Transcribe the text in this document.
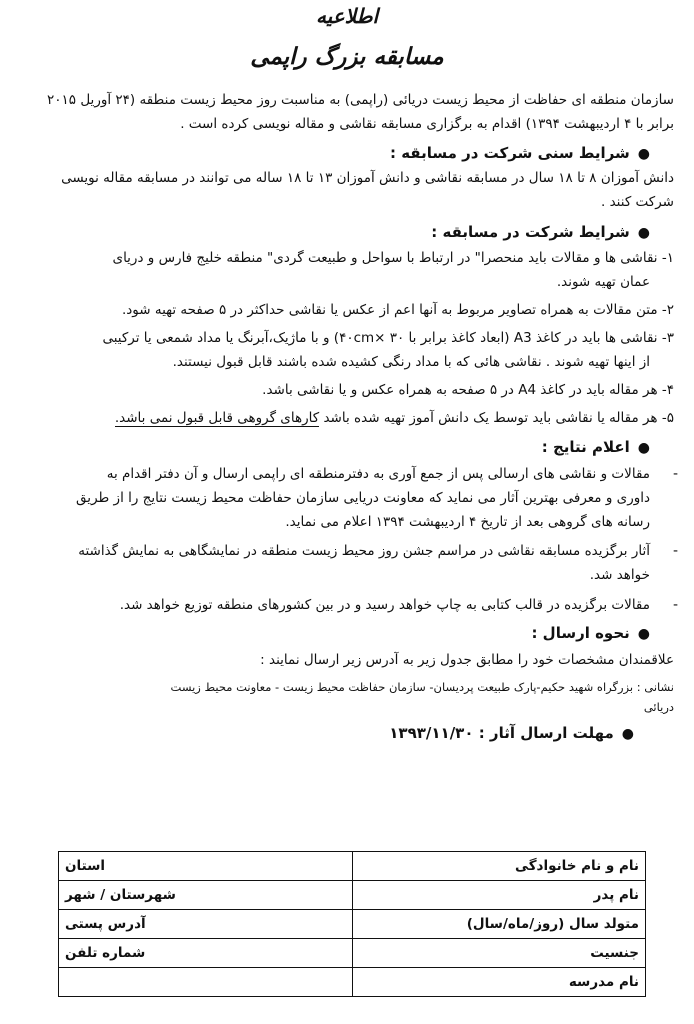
اطلاعیه
مسابقه بزرگ راپمی
سازمان منطقه ای حفاظت از محیط زیست دریائی (راپمی) به مناسبت روز محیط زیست منطقه (۲۴ آوریل ۲۰۱۵
برابر با ۴ اردیبهشت ۱۳۹۴) اقدام به برگزاری مسابقه نقاشی و مقاله نویسی کرده است .
●شرایط سنی شرکت در مسابقه :
دانش آموزان ۸ تا ۱۸ سال در مسابقه نقاشی و دانش آموزان ۱۳ تا ۱۸ ساله می توانند در مسابقه مقاله نویسی
شرکت کنند .
●شرایط شرکت در مسابقه :
۱- نقاشی ها و مقالات باید منحصرا" در ارتباط با سواحل و طبیعت گردی" منطقه خلیج فارس و دریای
عمان تهیه شوند.
۲- متن مقالات به همراه تصاویر مربوط به آنها اعم از عکس یا نقاشی حداکثر در ۵ صفحه تهیه شود.
۳- نقاشی ها باید در کاغذ A3 (ابعاد کاغذ برابر با ۴۰cm× ۳۰) و با ماژیک،آبرنگ یا مداد شمعی یا ترکیبی
از اینها تهیه شوند . نقاشی هائی که با مداد رنگی کشیده شده باشند قابل قبول نیستند.
۴- هر مقاله باید در کاغذ A4 در ۵ صفحه به همراه عکس و یا نقاشی باشد.
۵- هر مقاله یا نقاشی باید توسط یک دانش آموز تهیه شده باشد کارهای گروهی قابل قبول نمی باشد.
●اعلام نتایج :
-
مقالات و نقاشی های ارسالی پس از جمع آوری به دفترمنطقه ای راپمی ارسال و آن دفتر اقدام به
داوری و معرفی بهترین آثار می نماید که معاونت دریایی سازمان حفاظت محیط زیست نتایج را از طریق
رسانه های گروهی بعد از تاریخ ۴ اردیبهشت ۱۳۹۴ اعلام می نماید.
-
آثار برگزیده مسابقه نقاشی در مراسم جشن روز محیط زیست منطقه در نمایشگاهی به نمایش گذاشته
خواهد شد.
-
مقالات برگزیده در قالب کتابی به چاپ خواهد رسید و در بین کشورهای منطقه توزیع خواهد شد.
●نحوه ارسال :
علاقمندان مشخصات خود را مطابق جدول زیر به آدرس زیر ارسال نمایند :
نشانی : بزرگراه شهید حکیم-پارک طبیعت پردیسان- سازمان حفاظت محیط زیست - معاونت محیط زیست
دریائی
●مهلت ارسال آثار : ۱۳۹۳/۱۱/۳۰
نام و نام خانوادگی	استان
نام پدر	شهرستان / شهر
متولد سال (روز/ماه/سال)	آدرس پستی
جنسیت	شماره تلفن
نام مدرسه	
